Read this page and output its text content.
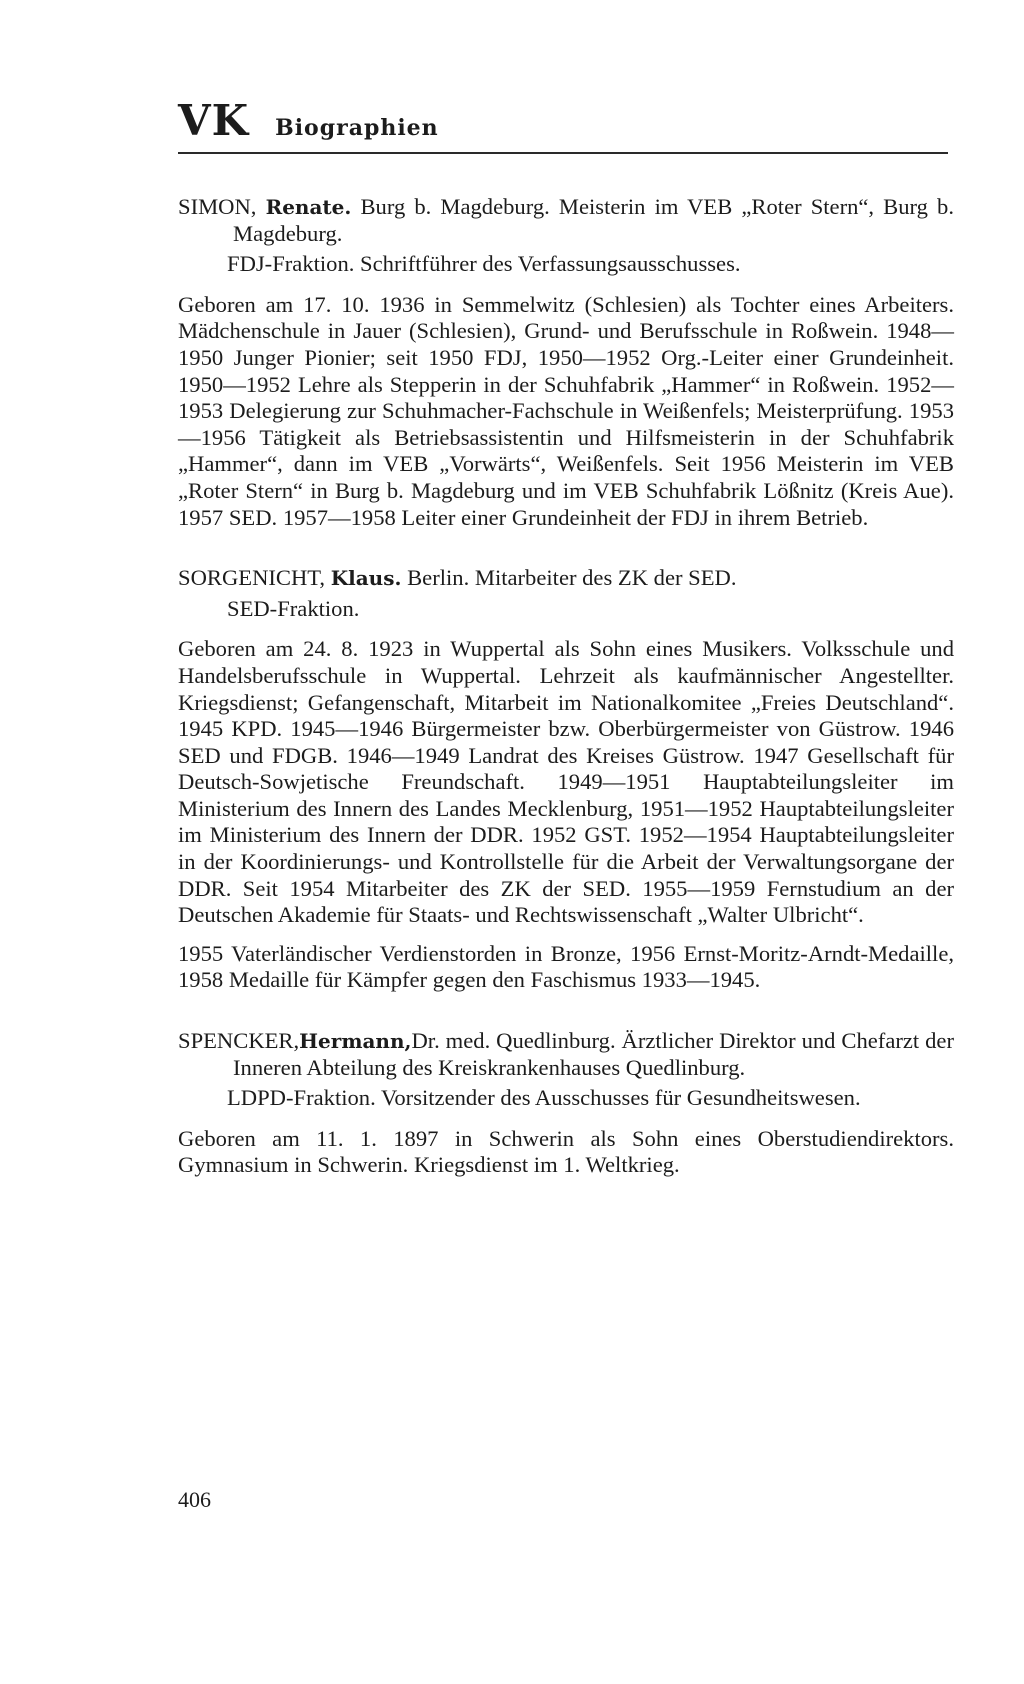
VK Biographien

SIMON, Renate. Burg b. Magdeburg. Meisterin im VEB „Roter Stern“, Burg b. Magdeburg.

FDJ-Fraktion. Schriftführer des Verfassungsausschusses.

Geboren am 17. 10. 1936 in Semmelwitz (Schlesien) als Tochter eines Arbeiters. Mädchenschule in Jauer (Schlesien), Grund- und Berufsschule in Roßwein. 1948—1950 Junger Pionier; seit 1950 FDJ, 1950—1952 Org.-Leiter einer Grundeinheit. 1950—1952 Lehre als Stepperin in der Schuhfabrik „Hammer“ in Roßwein. 1952—1953 Delegierung zur Schuhmacher-Fachschule in Weißenfels; Meisterprüfung. 1953—1956 Tätigkeit als Betriebsassistentin und Hilfsmeisterin in der Schuhfabrik „Hammer“, dann im VEB „Vorwärts“, Weißenfels. Seit 1956 Meisterin im VEB „Roter Stern“ in Burg b. Magdeburg und im VEB Schuhfabrik Lößnitz (Kreis Aue). 1957 SED. 1957—1958 Leiter einer Grundeinheit der FDJ in ihrem Betrieb.

SORGENICHT, Klaus. Berlin. Mitarbeiter des ZK der SED.

SED-Fraktion.

Geboren am 24. 8. 1923 in Wuppertal als Sohn eines Musikers. Volksschule und Handelsberufsschule in Wuppertal. Lehrzeit als kaufmännischer Angestellter. Kriegsdienst; Gefangenschaft, Mitarbeit im Nationalkomitee „Freies Deutschland“. 1945 KPD. 1945—1946 Bürgermeister bzw. Oberbürgermeister von Güstrow. 1946 SED und FDGB. 1946—1949 Landrat des Kreises Güstrow. 1947 Gesellschaft für Deutsch-Sowjetische Freundschaft. 1949—1951 Hauptabteilungsleiter im Ministerium des Innern des Landes Mecklenburg, 1951—1952 Hauptabteilungsleiter im Ministerium des Innern der DDR. 1952 GST. 1952—1954 Hauptabteilungsleiter in der Koordinierungs- und Kontrollstelle für die Arbeit der Verwaltungsorgane der DDR. Seit 1954 Mitarbeiter des ZK der SED. 1955—1959 Fernstudium an der Deutschen Akademie für Staats- und Rechtswissenschaft „Walter Ulbricht“.

1955 Vaterländischer Verdienstorden in Bronze, 1956 Ernst-Moritz-Arndt-Medaille, 1958 Medaille für Kämpfer gegen den Faschismus 1933—1945.

SPENCKER,Hermann,Dr. med. Quedlinburg. Ärztlicher Direktor und Chefarzt der Inneren Abteilung des Kreiskrankenhauses Quedlinburg.

LDPD-Fraktion. Vorsitzender des Ausschusses für Gesundheitswesen.

Geboren am 11. 1. 1897 in Schwerin als Sohn eines Oberstudiendirektors. Gymnasium in Schwerin. Kriegsdienst im 1. Weltkrieg.

406
